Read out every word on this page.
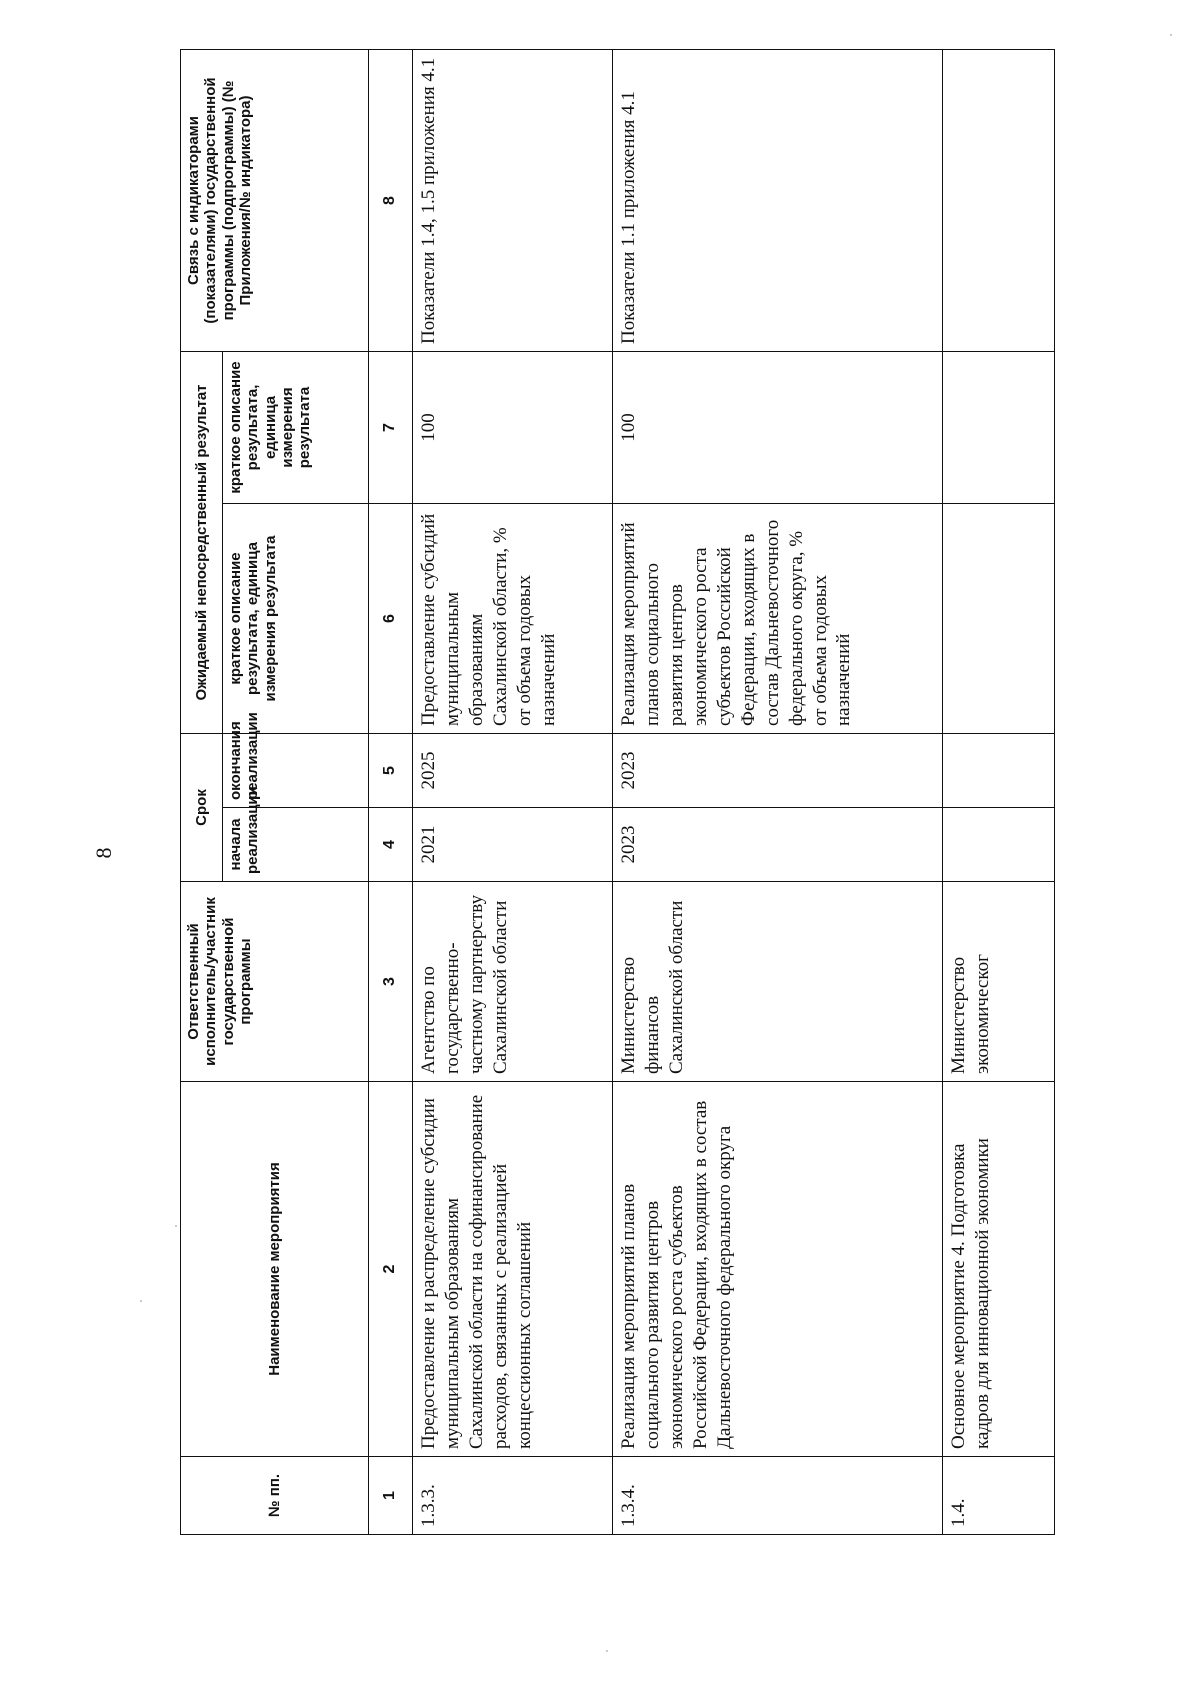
8
№ пп.	Наименование мероприятия	Ответственный исполнитель/участник государственной программы	Срок		Ожидаемый непосредственный результат		Связь с индикаторами (показателями) государственной программы (подпрограммы) (№ Приложения/№ индикатора)
			начала реализации	окончания реализации	краткое описание результата, единица измерения результата	краткое описание результата, единица измерения результата	
1	2	3	4	5	6	7	8
1.3.3.	Предоставление и распределение субсидии муниципальным образованиям Сахалинской области на софинансирование расходов, связанных с реализацией концессионных соглашений	Агентство по государственно-частному партнерству Сахалинской области	2021	2025	Предоставление субсидий муниципальным образованиям Сахалинской области, % от объема годовых назначений	100	Показатели 1.4, 1.5 приложения 4.1
1.3.4.	Реализация мероприятий планов социального развития центров экономического роста субъектов Российской Федерации, входящих в состав Дальневосточного федерального округа	Министерство финансов Сахалинской области	2023	2023	Реализация мероприятий планов социального развития центров экономического роста субъектов Российской Федерации, входящих в состав Дальневосточного федерального округа, % от объема годовых назначений	100	Показатели 1.1 приложения 4.1
1.4.	Основное мероприятие 4. Подготовка кадров для инновационной экономики	Министерство экономическог					
